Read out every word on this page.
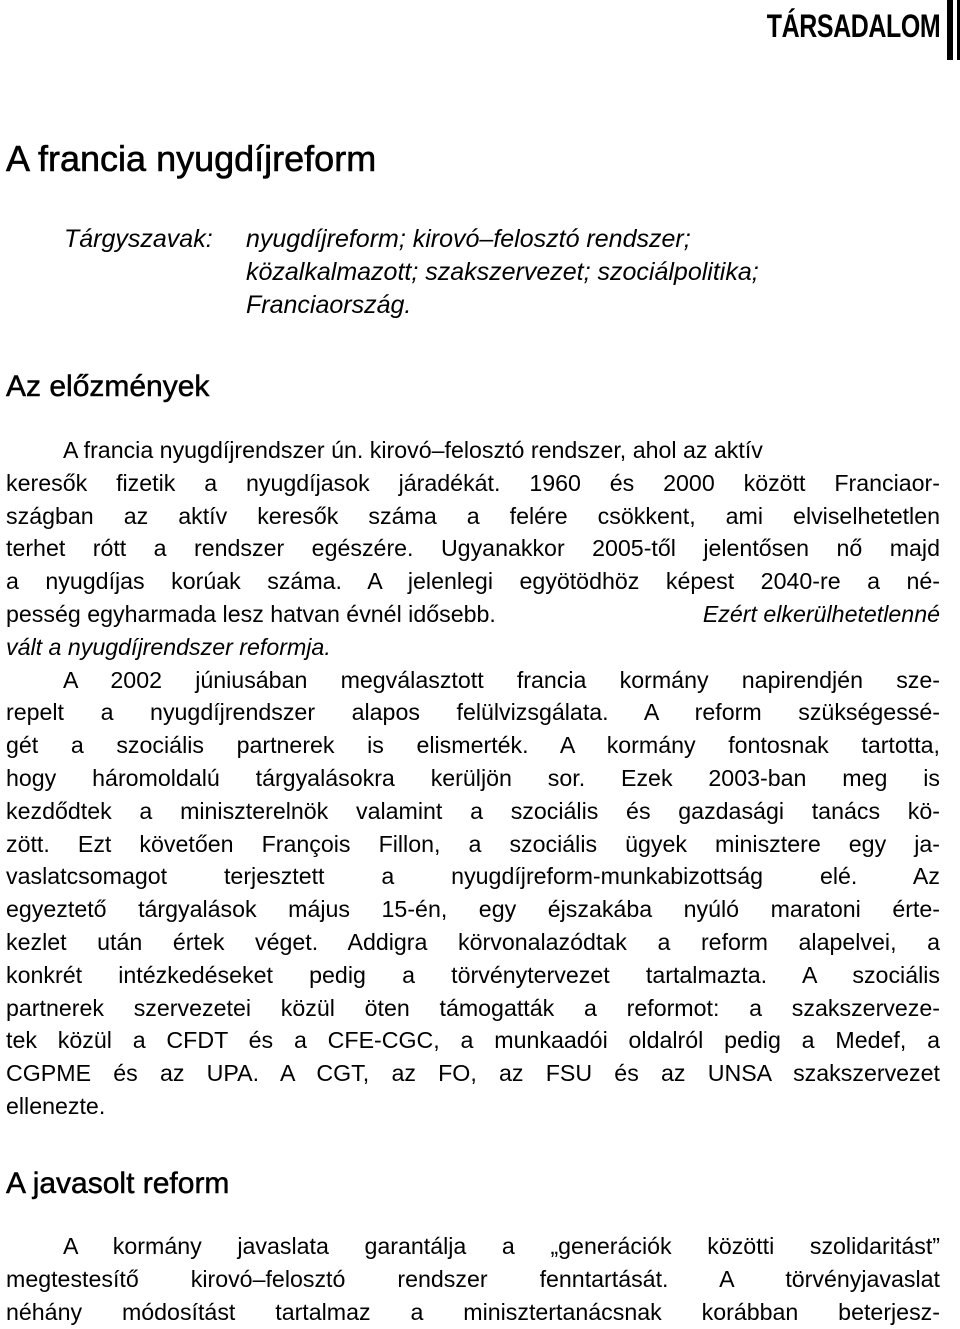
TÁRSADALOM
A francia nyugdíjreform
Tárgyszavak: nyugdíjreform; kirovó–felosztó rendszer;
közalkalmazott; szakszervezet; szociálpolitika;
Franciaország.
Az előzmények
A francia nyugdíjrendszer ún. kirovó–felosztó rendszer, ahol az aktív
keresők fizetik a nyugdíjasok járadékát. 1960 és 2000 között Franciaor-
szágban az aktív keresők száma a felére csökkent, ami elviselhetetlen
terhet rótt a rendszer egészére. Ugyanakkor 2005-től jelentősen nő majd
a nyugdíjas korúak száma. A jelenlegi egyötödhöz képest 2040-re a né-
pesség egyharmada lesz hatvan évnél idősebb.	Ezért elkerülhetetlenné
vált a nyugdíjrendszer reformja.
A 2002 júniusában megválasztott francia kormány napirendjén sze-
repelt a nyugdíjrendszer alapos felülvizsgálata. A reform szükségessé-
gét a szociális partnerek is elismerték. A kormány fontosnak tartotta,
hogy háromoldalú tárgyalásokra kerüljön sor. Ezek 2003-ban meg is
kezdődtek a miniszterelnök valamint a szociális és gazdasági tanács kö-
zött. Ezt követően François Fillon, a szociális ügyek minisztere egy ja-
vaslatcsomagot terjesztett a nyugdíjreform-munkabizottság elé. Az
egyeztető tárgyalások május 15-én, egy éjszakába nyúló maratoni érte-
kezlet után értek véget. Addigra körvonalazódtak a reform alapelvei, a
konkrét intézkedéseket pedig a törvénytervezet tartalmazta. A szociális
partnerek szervezetei közül öten támogatták a reformot: a szakszerveze-
tek közül a CFDT és a CFE-CGC, a munkaadói oldalról pedig a Medef, a
CGPME és az UPA. A CGT, az FO, az FSU és az UNSA szakszervezet
ellenezte.
A javasolt reform
A kormány javaslata garantálja a „generációk közötti szolidaritást”
megtestesítő kirovó–felosztó rendszer fenntartását. A törvényjavaslat
néhány módosítást tartalmaz a minisztertanácsnak korábban beterjesz-
